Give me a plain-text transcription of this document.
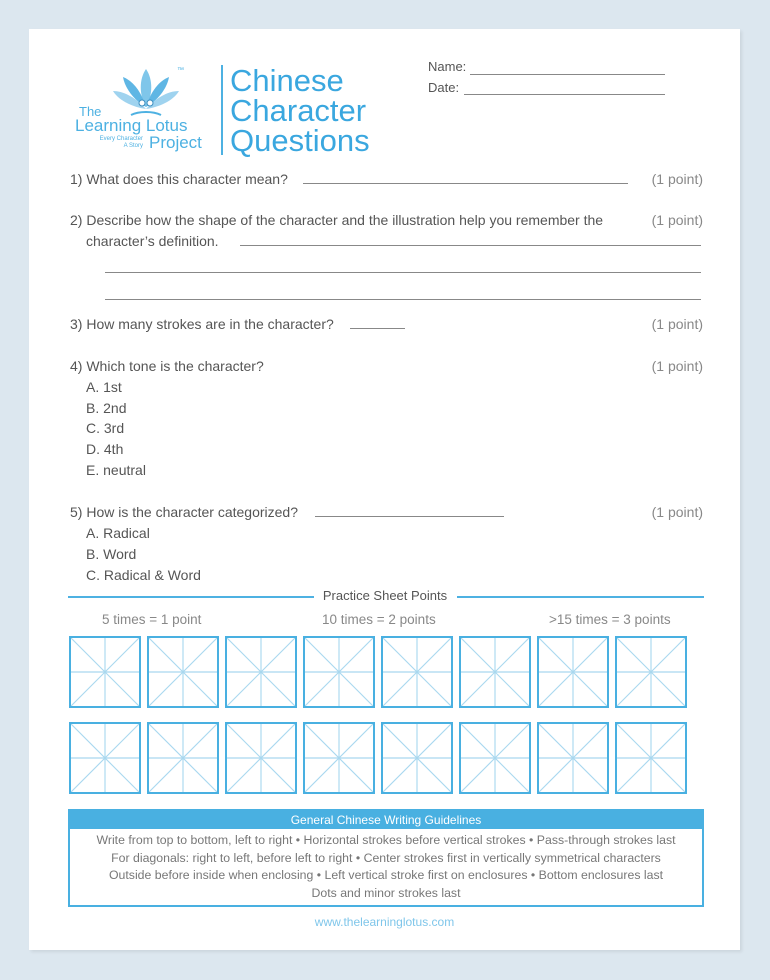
™
The
Learning Lotus
Every Character
A Story Project
Chinese
Character
Questions
Name:
Date:
1) What does this character mean?	(1 point)
2) Describe how the shape of the character and the illustration help you remember the	(1 point)
character’s definition.
3) How many strokes are in the character?	(1 point)
4) Which tone is the character?	(1 point)
A. 1st
B. 2nd
C. 3rd
D. 4th
E. neutral
5) How is the character categorized?	(1 point)
A. Radical
B. Word
C. Radical & Word
Practice Sheet Points
5 times = 1 point	10 times = 2 points	>15 times = 3 points
General Chinese Writing Guidelines
Write from top to bottom, left to right • Horizontal strokes before vertical strokes • Pass-through strokes last
For diagonals: right to left, before left to right • Center strokes first in vertically symmetrical characters
Outside before inside when enclosing • Left vertical stroke first on enclosures • Bottom enclosures last
Dots and minor strokes last
www.thelearninglotus.com
